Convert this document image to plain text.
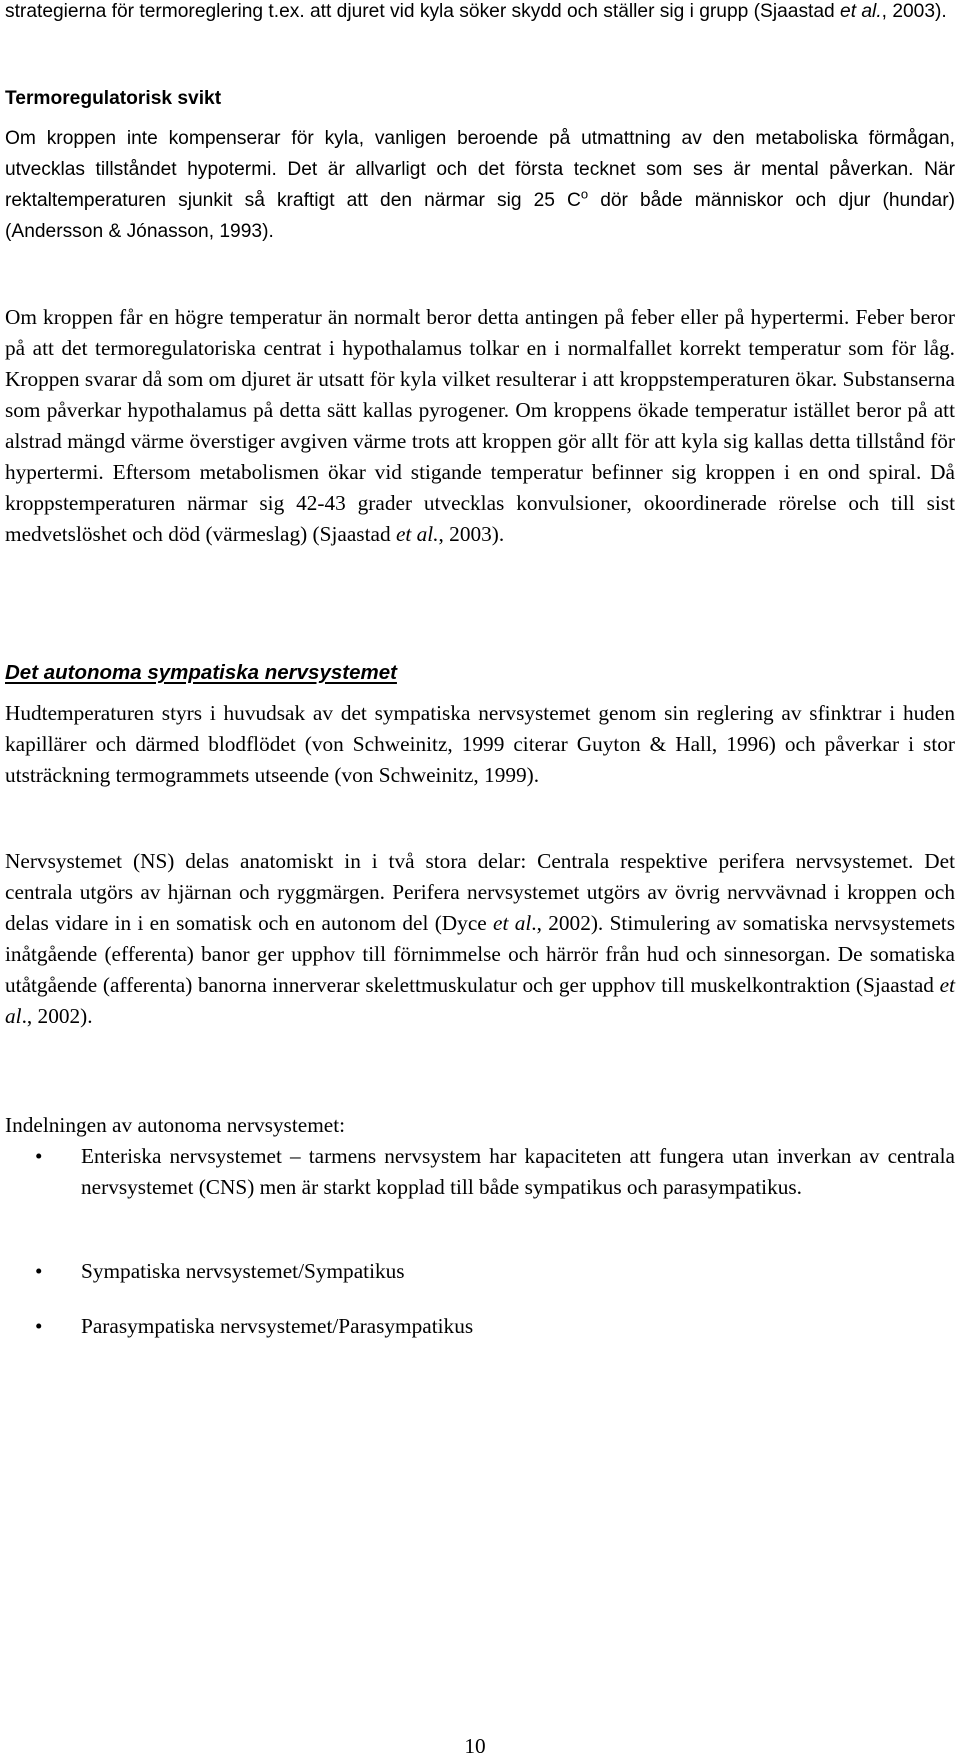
strategierna för termoreglering t.ex. att djuret vid kyla söker skydd och ställer sig i grupp (Sjaastad et al., 2003).

Termoregulatorisk svikt

Om kroppen inte kompenserar för kyla, vanligen beroende på utmattning av den metaboliska förmågan, utvecklas tillståndet hypotermi. Det är allvarligt och det första tecknet som ses är mental påverkan. När rektaltemperaturen sjunkit så kraftigt att den närmar sig 25 $C^o$ dör både människor och djur (hundar) (Andersson & Jónasson, 1993).

Om kroppen får en högre temperatur än normalt beror detta antingen på feber eller på hypertermi. Feber beror på att det termoregulatoriska centrat i hypothalamus tolkar en i normalfallet korrekt temperatur som för låg. Kroppen svarar då som om djuret är utsatt för kyla vilket resulterar i att kroppstemperaturen ökar. Substanserna som påverkar hypothalamus på detta sätt kallas pyrogener. Om kroppens ökade temperatur istället beror på att alstrad mängd värme överstiger avgiven värme trots att kroppen gör allt för att kyla sig kallas detta tillstånd för hypertermi. Eftersom metabolismen ökar vid stigande temperatur befinner sig kroppen i en ond spiral. Då kroppstemperaturen närmar sig 42-43 grader utvecklas konvulsioner, okoordinerade rörelse och till sist medvetslöshet och död (värmeslag) (Sjaastad et al., 2003).

Det autonoma sympatiska nervsystemet

Hudtemperaturen styrs i huvudsak av det sympatiska nervsystemet genom sin reglering av sfinktrar i huden kapillärer och därmed blodflödet (von Schweinitz, 1999 citerar Guyton & Hall, 1996) och påverkar i stor utsträckning termogrammets utseende (von Schweinitz, 1999).

Nervsystemet (NS) delas anatomiskt in i två stora delar: Centrala respektive perifera nervsystemet. Det centrala utgörs av hjärnan och ryggmärgen. Perifera nervsystemet utgörs av övrig nervvävnad i kroppen och delas vidare in i en somatisk och en autonom del (Dyce et al., 2002). Stimulering av somatiska nervsystemets inåtgående (efferenta) banor ger upphov till förnimmelse och härrör från hud och sinnesorgan. De somatiska utåtgående (afferenta) banorna innerverar skelettmuskulatur och ger upphov till muskelkontraktion (Sjaastad et al., 2002).

Indelningen av autonoma nervsystemet:

• Enteriska nervsystemet – tarmens nervsystem har kapaciteten att fungera utan inverkan av centrala nervsystemet (CNS) men är starkt kopplad till både sympatikus och parasympatikus.
• Sympatiska nervsystemet/Sympatikus
• Parasympatiska nervsystemet/Parasympatikus
10
